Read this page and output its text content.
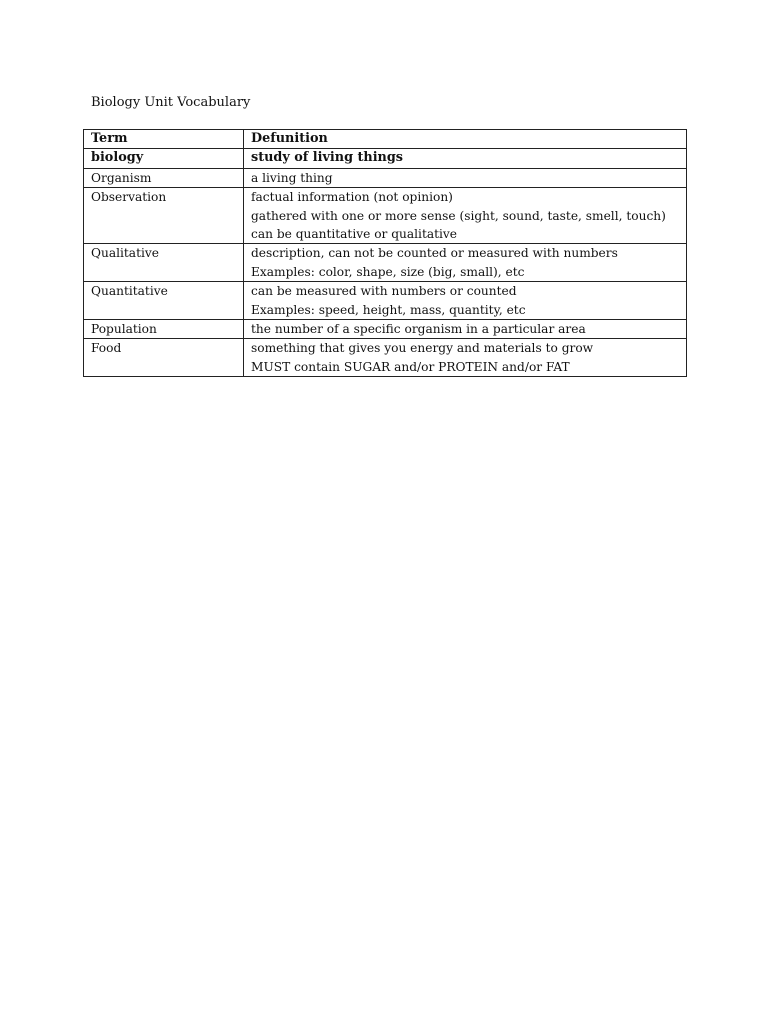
Biology Unit Vocabulary
Term	Defunition
biology	study of living things

Organism	a living thing

Observation	factual information (not opinion)
gathered with one or more sense (sight, sound, taste, smell, touch)
can be quantitative or qualitative

Qualitative	description, can not be counted or measured with numbers
Examples: color, shape, size (big, small), etc

Quantitative	can be measured with numbers or counted
Examples: speed, height, mass, quantity, etc

Population	the number of a specific organism in a particular area

Food	something that gives you energy and materials to grow
MUST contain SUGAR and/or PROTEIN and/or FAT
